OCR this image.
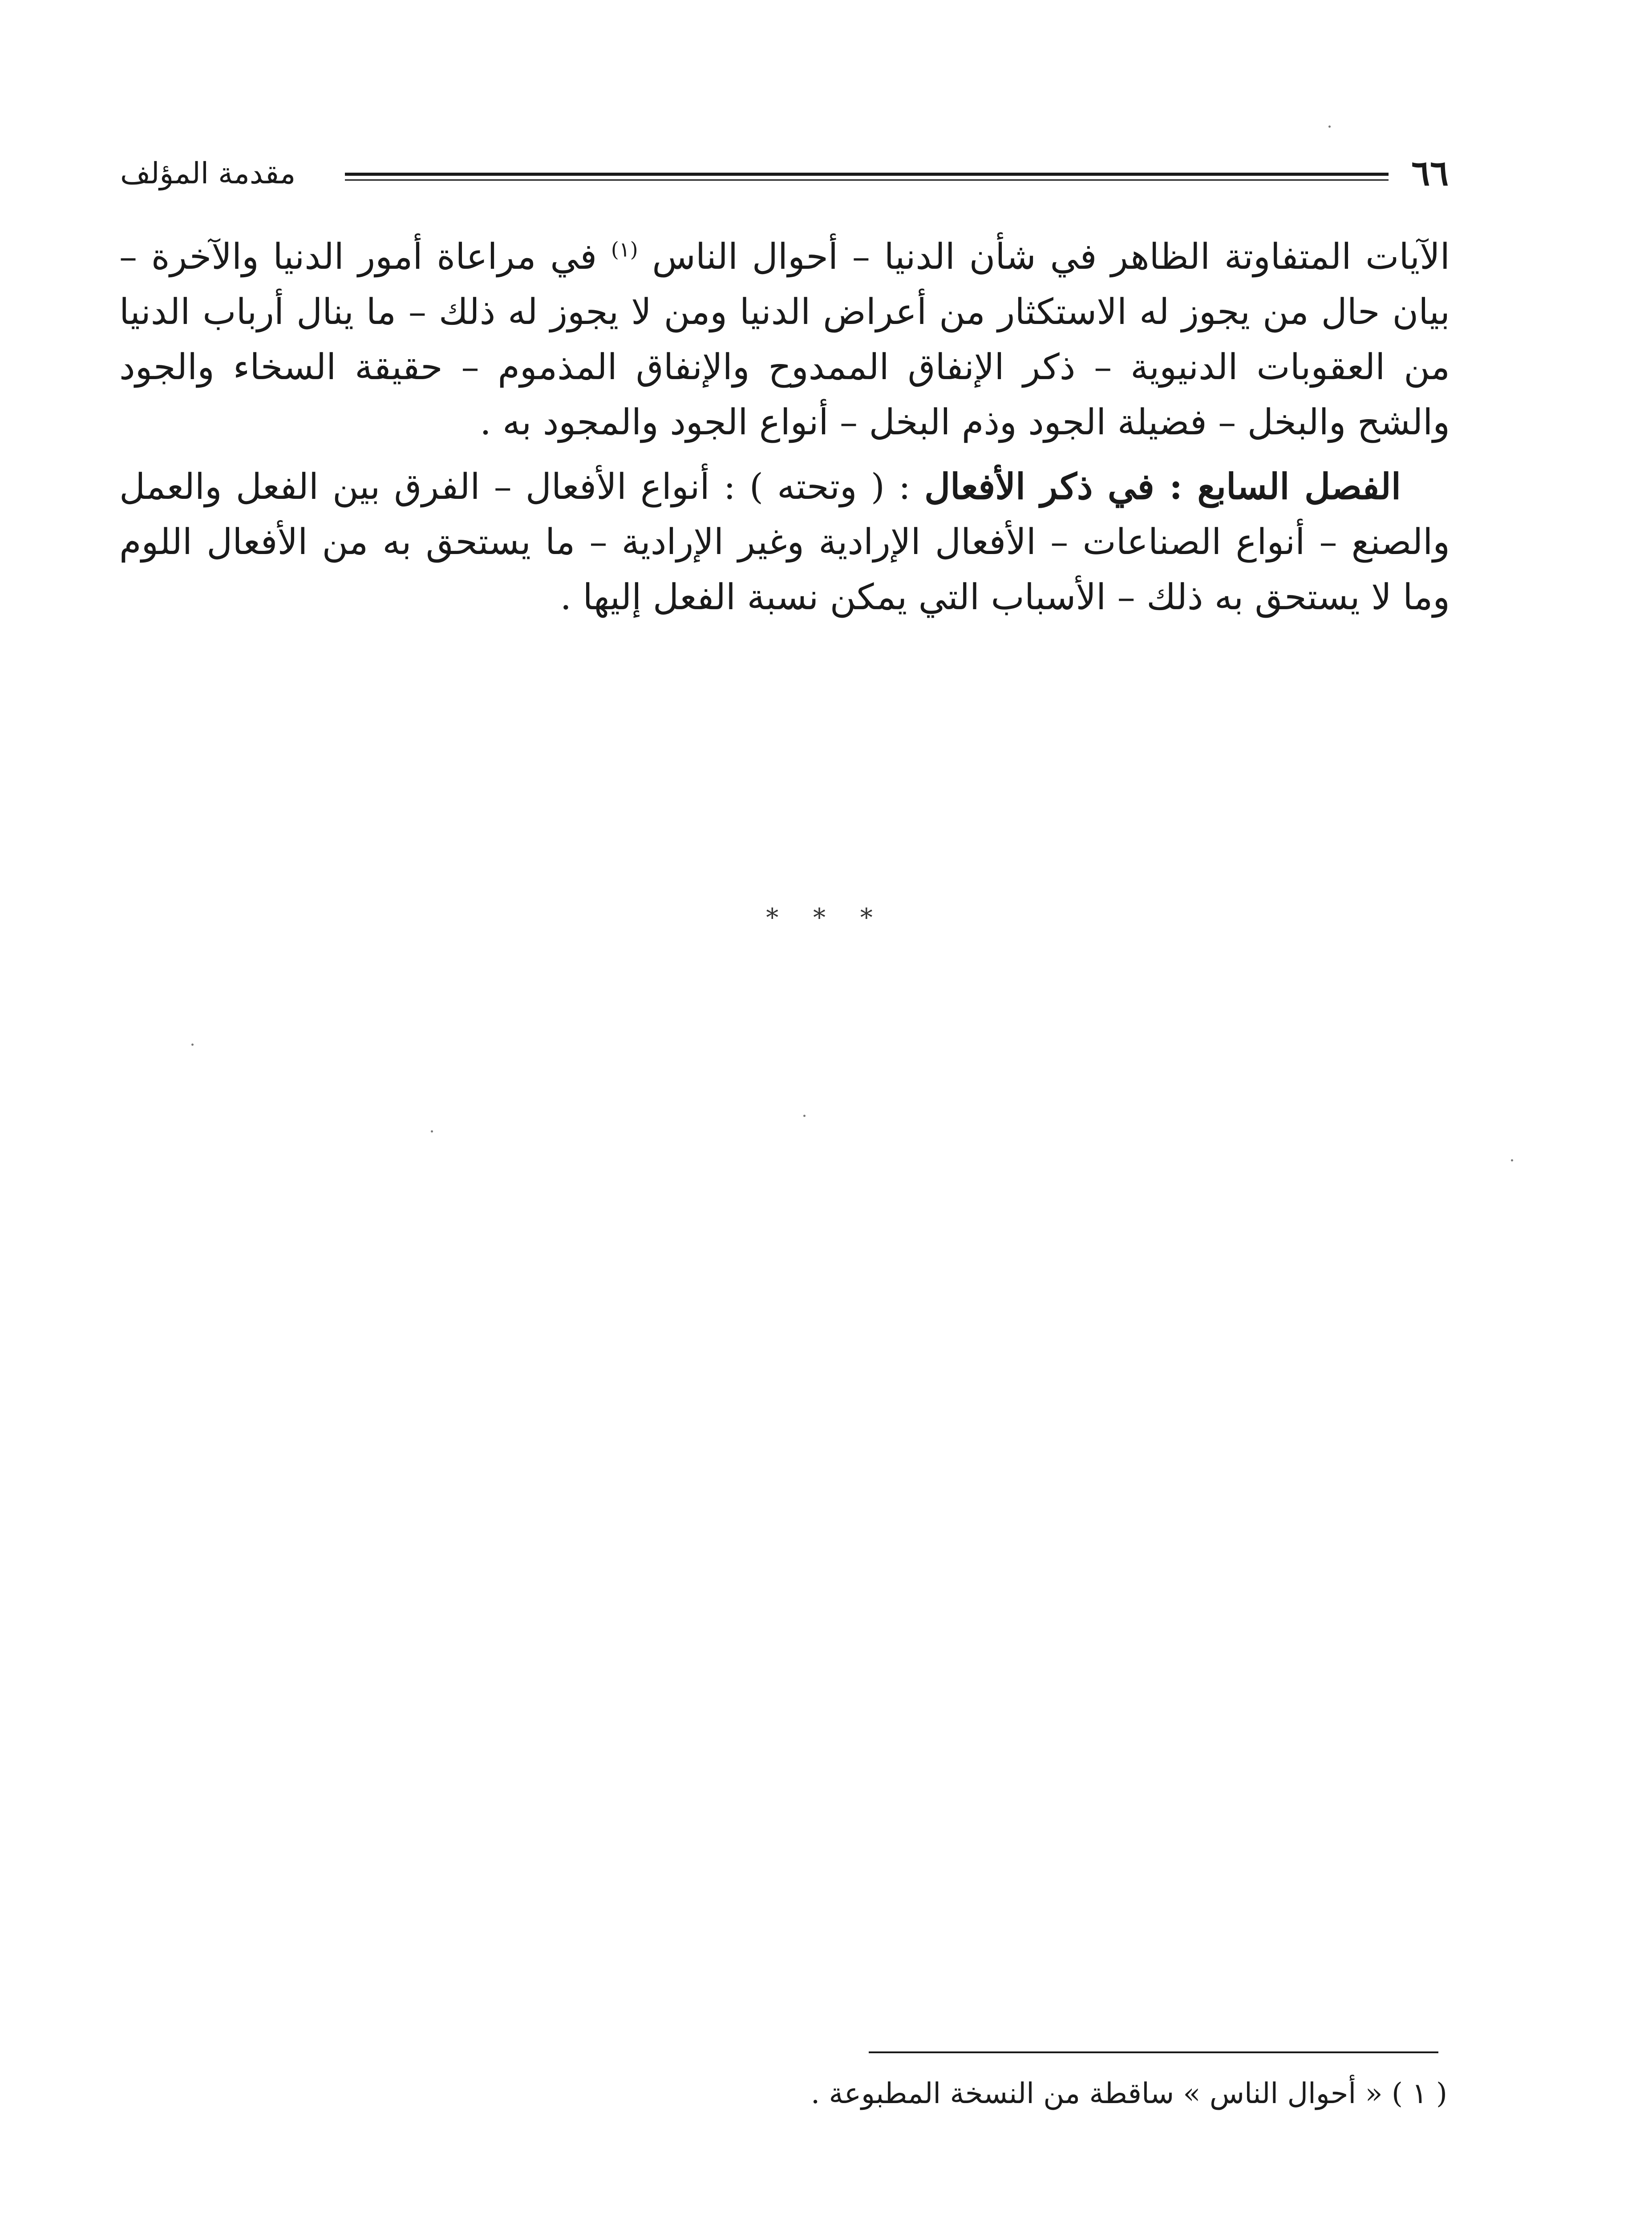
٦٦
مقدمة المؤلف

الآيات المتفاوتة الظاهر في شأن الدنيا – أحوال الناس $^{(١)}$ في مراعاة أمور الدنيا والآخرة – بيان حال من يجوز له الاستكثار من أعراض الدنيا ومن لا يجوز له ذلك – ما ينال أرباب الدنيا من العقوبات الدنيوية – ذكر الإنفاق الممدوح والإنفاق المذموم – حقيقة السخاء والجود والشح والبخل – فضيلة الجود وذم البخل – أنواع الجود والمجود به .

الفصل السابع : في ذكر الأفعال : ( وتحته ) : أنواع الأفعال – الفرق بين الفعل والعمل والصنع – أنواع الصناعات – الأفعال الإرادية وغير الإرادية – ما يستحق به من الأفعال اللوم وما لا يستحق به ذلك – الأسباب التي يمكن نسبة الفعل إليها .

* * *
( ١ ) « أحوال الناس » ساقطة من النسخة المطبوعة .
